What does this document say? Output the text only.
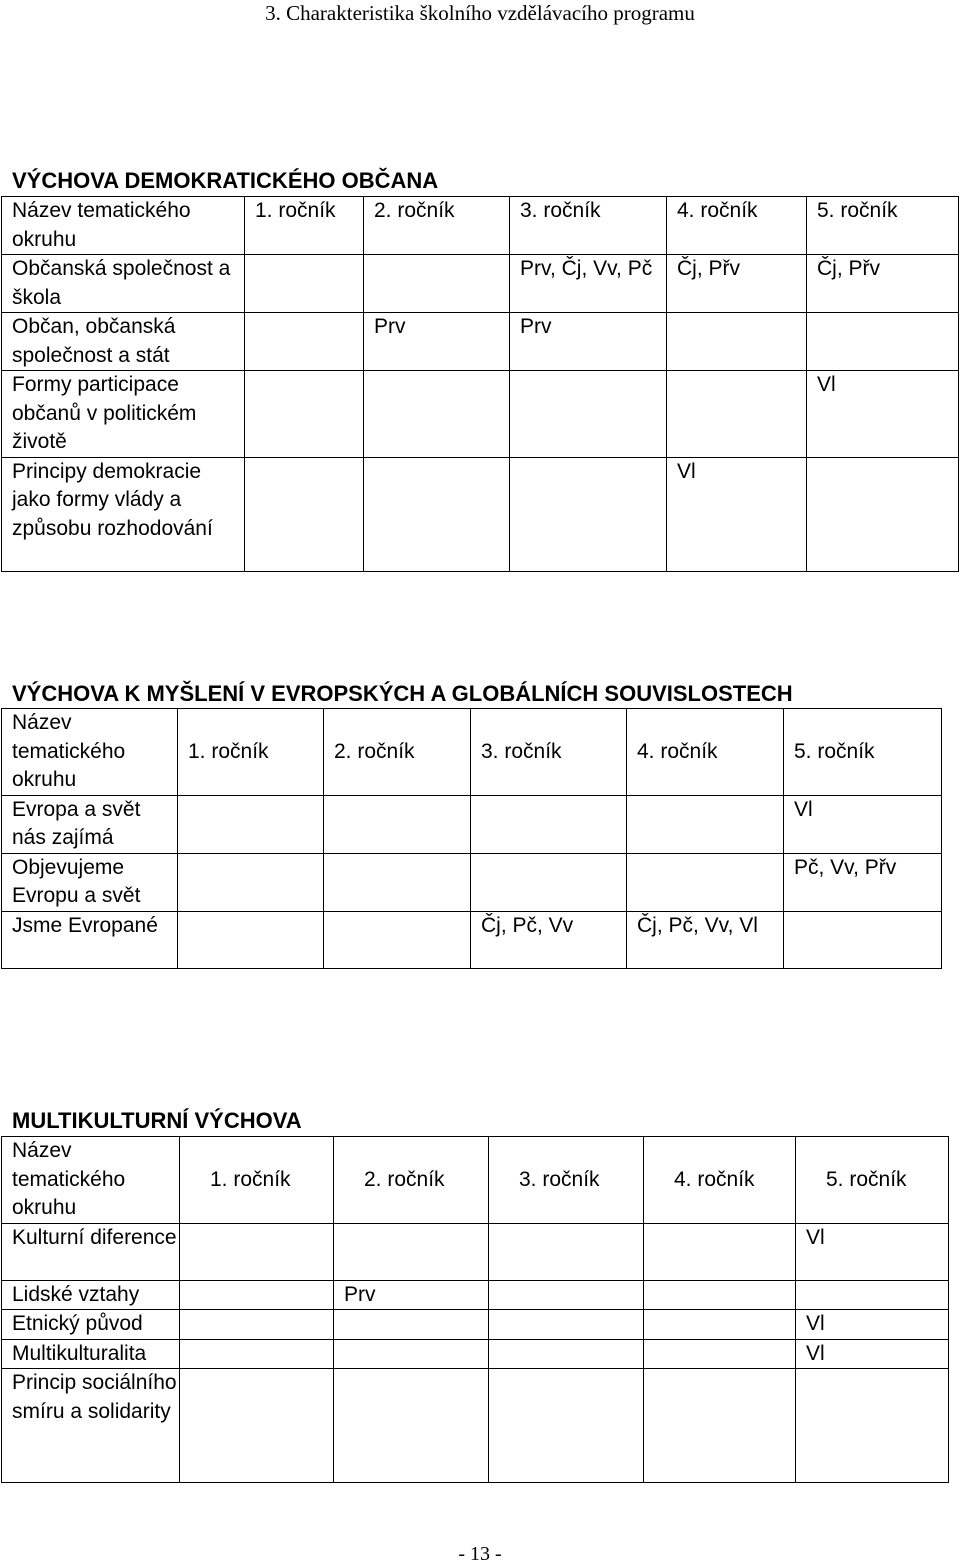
3. Charakteristika školního vzdělávacího programu
VÝCHOVA DEMOKRATICKÉHO OBČANA
Název tematického okruhu	1. ročník	2. ročník	3. ročník	4. ročník	5. ročník
Občanská společnost a škola			Prv, Čj, Vv, Pč	Čj, Přv	Čj, Přv
Občan, občanská společnost a stát		Prv	Prv		
Formy participace občanů v politickém životě					Vl
Principy demokracie jako formy vlády a způsobu rozhodování				Vl	
VÝCHOVA K MYŠLENÍ V EVROPSKÝCH A GLOBÁLNÍCH SOUVISLOSTECH
Název tematického okruhu	1. ročník	2. ročník	3. ročník	4. ročník	5. ročník
Evropa a svět nás zajímá					Vl
Objevujeme Evropu a svět					Pč, Vv, Přv
Jsme Evropané			Čj, Pč, Vv	Čj, Pč, Vv, Vl	
MULTIKULTURNÍ VÝCHOVA
Název tematického okruhu	1. ročník	2. ročník	3. ročník	4. ročník	5. ročník
Kulturní diference					Vl
Lidské vztahy		Prv			
Etnický původ					Vl
Multikulturalita					Vl
Princip sociálního smíru a solidarity					
- 13 -
